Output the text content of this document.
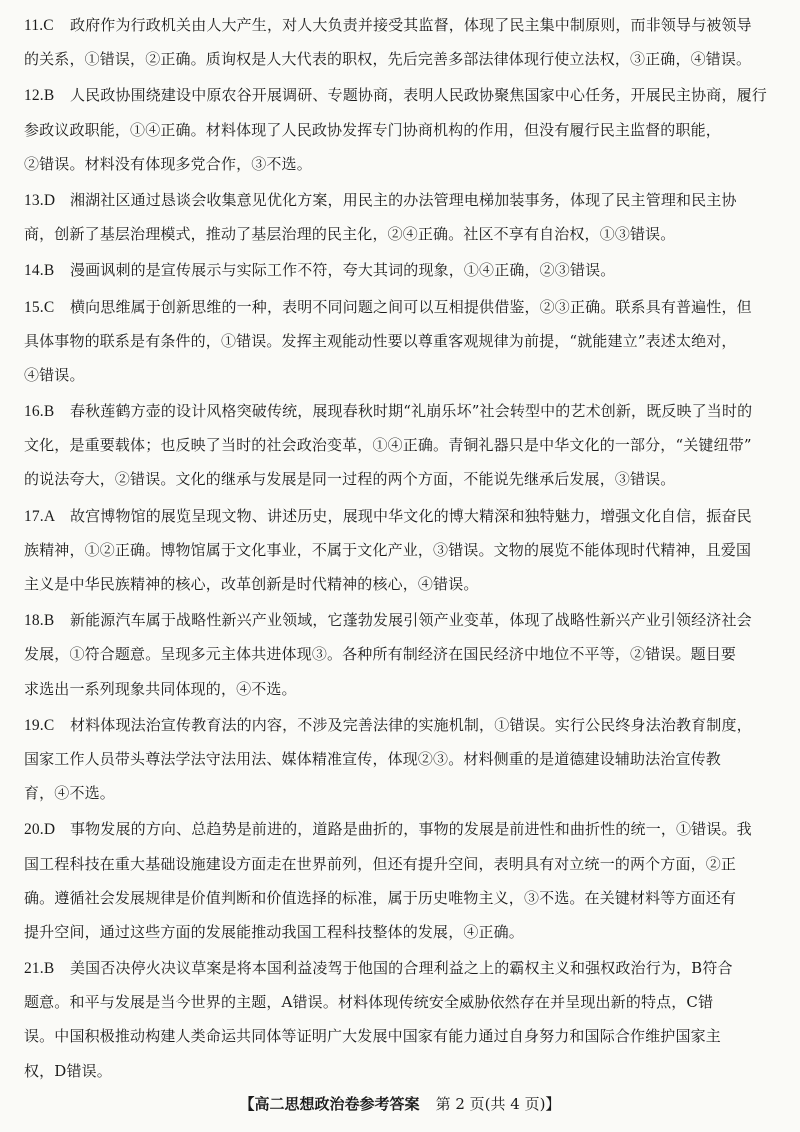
11.C 政府作为行政机关由人大产生，对人大负责并接受其监督，体现了民主集中制原则，而非领导与被领导
的关系，①错误，②正确。质询权是人大代表的职权，先后完善多部法律体现行使立法权，③正确，④错误。
12.B 人民政协围绕建设中原农谷开展调研、专题协商，表明人民政协聚焦国家中心任务，开展民主协商，履行
参政议政职能，①④正确。材料体现了人民政协发挥专门协商机构的作用，但没有履行民主监督的职能，
②错误。材料没有体现多党合作，③不选。
13.D 湘湖社区通过恳谈会收集意见优化方案，用民主的办法管理电梯加装事务，体现了民主管理和民主协
商，创新了基层治理模式，推动了基层治理的民主化，②④正确。社区不享有自治权，①③错误。
14.B 漫画讽刺的是宣传展示与实际工作不符，夸大其词的现象，①④正确，②③错误。
15.C 横向思维属于创新思维的一种，表明不同问题之间可以互相提供借鉴，②③正确。联系具有普遍性，但
具体事物的联系是有条件的，①错误。发挥主观能动性要以尊重客观规律为前提，“就能建立”表述太绝对，
④错误。
16.B 春秋莲鹤方壶的设计风格突破传统，展现春秋时期“礼崩乐坏”社会转型中的艺术创新，既反映了当时的
文化，是重要载体；也反映了当时的社会政治变革，①④正确。青铜礼器只是中华文化的一部分，“关键纽带”
的说法夸大，②错误。文化的继承与发展是同一过程的两个方面，不能说先继承后发展，③错误。
17.A 故宫博物馆的展览呈现文物、讲述历史，展现中华文化的博大精深和独特魅力，增强文化自信，振奋民
族精神，①②正确。博物馆属于文化事业，不属于文化产业，③错误。文物的展览不能体现时代精神，且爱国
主义是中华民族精神的核心，改革创新是时代精神的核心，④错误。
18.B 新能源汽车属于战略性新兴产业领域，它蓬勃发展引领产业变革，体现了战略性新兴产业引领经济社会
发展，①符合题意。呈现多元主体共进体现③。各种所有制经济在国民经济中地位不平等，②错误。题目要
求选出一系列现象共同体现的，④不选。
19.C 材料体现法治宣传教育法的内容，不涉及完善法律的实施机制，①错误。实行公民终身法治教育制度，
国家工作人员带头尊法学法守法用法、媒体精准宣传，体现②③。材料侧重的是道德建设辅助法治宣传教
育，④不选。
20.D 事物发展的方向、总趋势是前进的，道路是曲折的，事物的发展是前进性和曲折性的统一，①错误。我
国工程科技在重大基础设施建设方面走在世界前列，但还有提升空间，表明具有对立统一的两个方面，②正
确。遵循社会发展规律是价值判断和价值选择的标准，属于历史唯物主义，③不选。在关键材料等方面还有
提升空间，通过这些方面的发展能推动我国工程科技整体的发展，④正确。
21.B 美国否决停火决议草案是将本国利益凌驾于他国的合理利益之上的霸权主义和强权政治行为，B符合
题意。和平与发展是当今世界的主题，A错误。材料体现传统安全威胁依然存在并呈现出新的特点，C错
误。中国积极推动构建人类命运共同体等证明广大发展中国家有能力通过自身努力和国际合作维护国家主
权，D错误。
【高二思想政治卷参考答案 第 2 页(共 4 页)】
